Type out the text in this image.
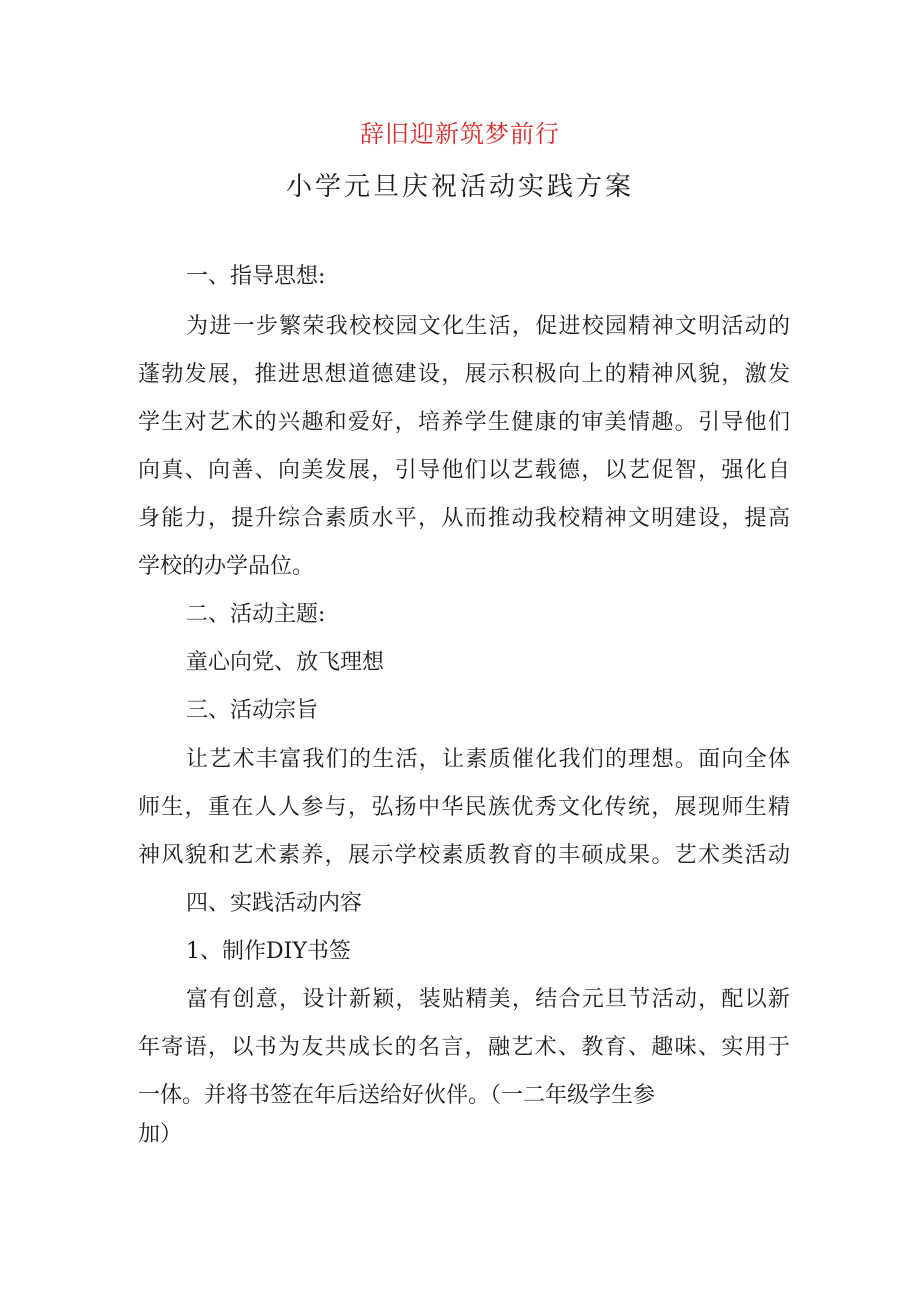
辞旧迎新筑梦前行
小学元旦庆祝活动实践方案
一、指导思想:
为进一步繁荣我校校园文化生活，促进校园精神文明活动的
蓬勃发展，推进思想道德建设，展示积极向上的精神风貌，激发
学生对艺术的兴趣和爱好，培养学生健康的审美情趣。引导他们
向真、向善、向美发展，引导他们以艺载德，以艺促智，强化自
身能力，提升综合素质水平，从而推动我校精神文明建设，提高
学校的办学品位。
二、活动主题:
童心向党、放飞理想
三、活动宗旨
让艺术丰富我们的生活，让素质催化我们的理想。面向全体
师生，重在人人参与，弘扬中华民族优秀文化传统，展现师生精
神风貌和艺术素养，展示学校素质教育的丰硕成果。艺术类活动
四、实践活动内容
1、制作DIY书签
富有创意，设计新颖，装贴精美，结合元旦节活动，配以新
年寄语，以书为友共成长的名言，融艺术、教育、趣味、实用于
一体。并将书签在年后送给好伙伴。（一二年级学生参
加）
